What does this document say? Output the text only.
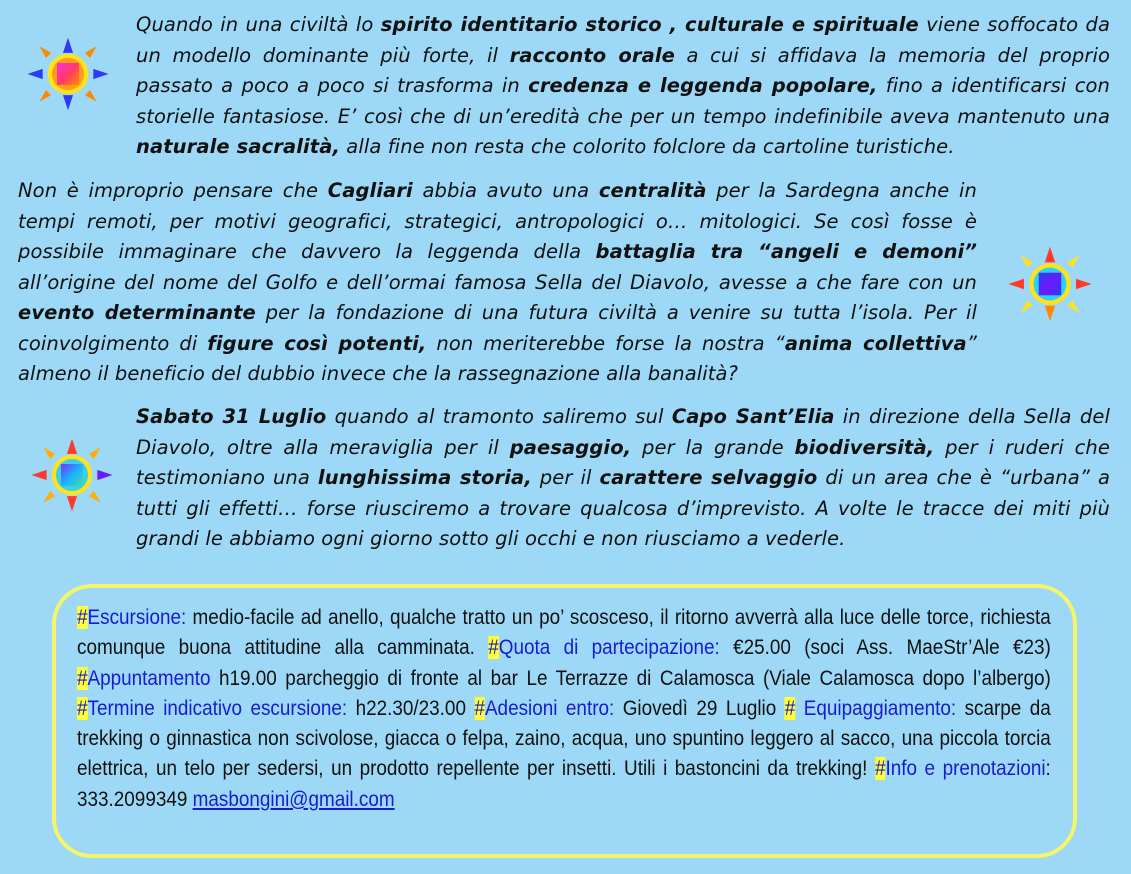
Quando in una civiltà lo spirito identitario storico , culturale e spirituale viene soffocato da un modello dominante più forte, il racconto orale a cui si affidava la memoria del proprio passato a poco a poco si trasforma in credenza e leggenda popolare, fino a identificarsi con storielle fantasiose. E’ così che di un’eredità che per un tempo indefinibile aveva mantenuto una naturale sacralità, alla fine non resta che colorito folclore da cartoline turistiche.

Non è improprio pensare che Cagliari abbia avuto una centralità per la Sardegna anche in tempi remoti, per motivi geografici, strategici, antropologici o… mitologici. Se così fosse è possibile immaginare che davvero la leggenda della battaglia tra “angeli e demoni” all’origine del nome del Golfo e dell’ormai famosa Sella del Diavolo, avesse a che fare con un evento determinante per la fondazione di una futura civiltà a venire su tutta l’isola. Per il coinvolgimento di figure così potenti, non meriterebbe forse la nostra “anima collettiva” almeno il beneficio del dubbio invece che la rassegnazione alla banalità?

Sabato 31 Luglio quando al tramonto saliremo sul Capo Sant’Elia in direzione della Sella del Diavolo, oltre alla meraviglia per il paesaggio, per la grande biodiversità, per i ruderi che testimoniano una lunghissima storia, per il carattere selvaggio di un area che è “urbana” a tutti gli effetti… forse riusciremo a trovare qualcosa d’imprevisto. A volte le tracce dei miti più grandi le abbiamo ogni giorno sotto gli occhi e non riusciamo a vederle.

#Escursione: medio-facile ad anello, qualche tratto un po’ scosceso, il ritorno avverrà alla luce delle torce, richiesta comunque buona attitudine alla camminata. #Quota di partecipazione: €25.00 (soci Ass. MaeStr’Ale €23) #Appuntamento h19.00 parcheggio di fronte al bar Le Terrazze di Calamosca (Viale Calamosca dopo l’albergo) #Termine indicativo escursione: h22.30/23.00 #Adesioni entro: Giovedì 29 Luglio # Equipaggiamento: scarpe da trekking o ginnastica non scivolose, giacca o felpa, zaino, acqua, uno spuntino leggero al sacco, una piccola torcia elettrica, un telo per sedersi, un prodotto repellente per insetti. Utili i bastoncini da trekking! #Info e prenotazioni: 333.2099349 masbongini@gmail.com
